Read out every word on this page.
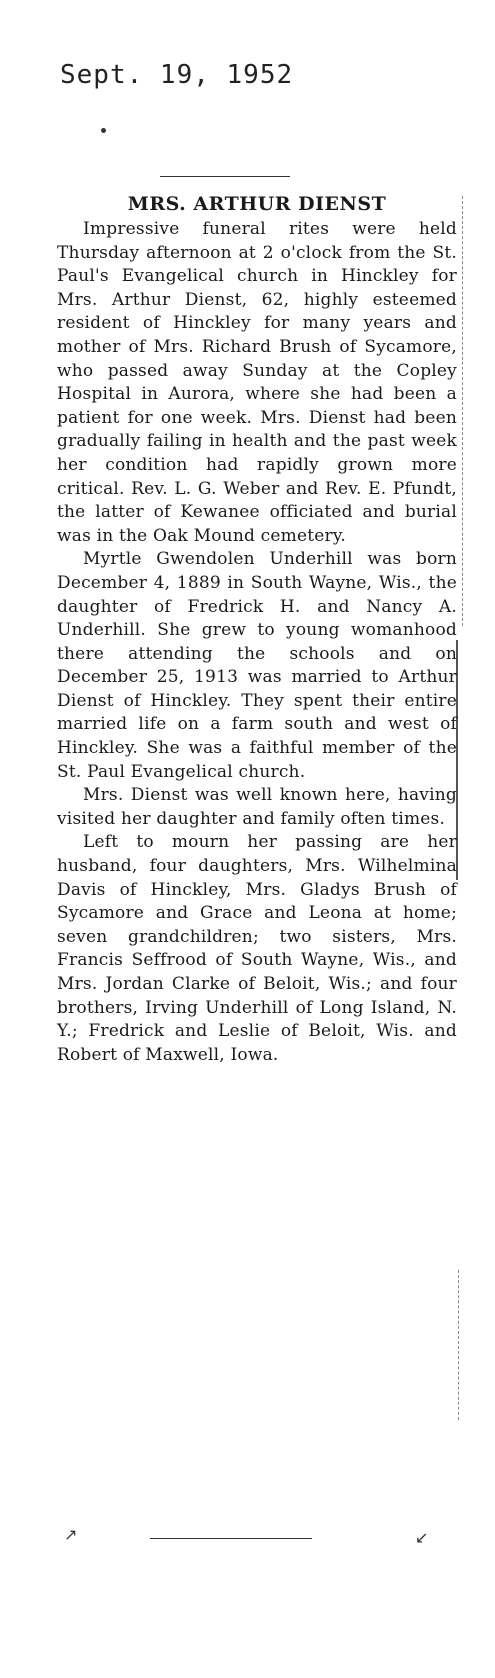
Sept. 19, 1952
MRS. ARTHUR DIENST

Impressive funeral rites were held Thursday afternoon at 2 o'clock from the St. Paul's Evangelical church in Hinckley for Mrs. Arthur Dienst, 62, highly esteemed resident of Hinckley for many years and mother of Mrs. Richard Brush of Sycamore, who passed away Sunday at the Copley Hospital in Aurora, where she had been a patient for one week. Mrs. Dienst had been gradually failing in health and the past week her condition had rapidly grown more critical. Rev. L. G. Weber and Rev. E. Pfundt, the latter of Kewanee officiated and burial was in the Oak Mound cemetery.

Myrtle Gwendolen Underhill was born December 4, 1889 in South Wayne, Wis., the daughter of Fredrick H. and Nancy A. Underhill. She grew to young womanhood there attending the schools and on December 25, 1913 was married to Arthur Dienst of Hinckley. They spent their entire married life on a farm south and west of Hinckley. She was a faithful member of the St. Paul Evangelical church.

Mrs. Dienst was well known here, having visited her daughter and family often times.

Left to mourn her passing are her husband, four daughters, Mrs. Wilhelmina Davis of Hinckley, Mrs. Gladys Brush of Sycamore and Grace and Leona at home; seven grandchildren; two sisters, Mrs. Francis Seffrood of South Wayne, Wis., and Mrs. Jordan Clarke of Beloit, Wis.; and four brothers, Irving Underhill of Long Island, N. Y.; Fredrick and Leslie of Beloit, Wis. and Robert of Maxwell, Iowa.

↗	↙
